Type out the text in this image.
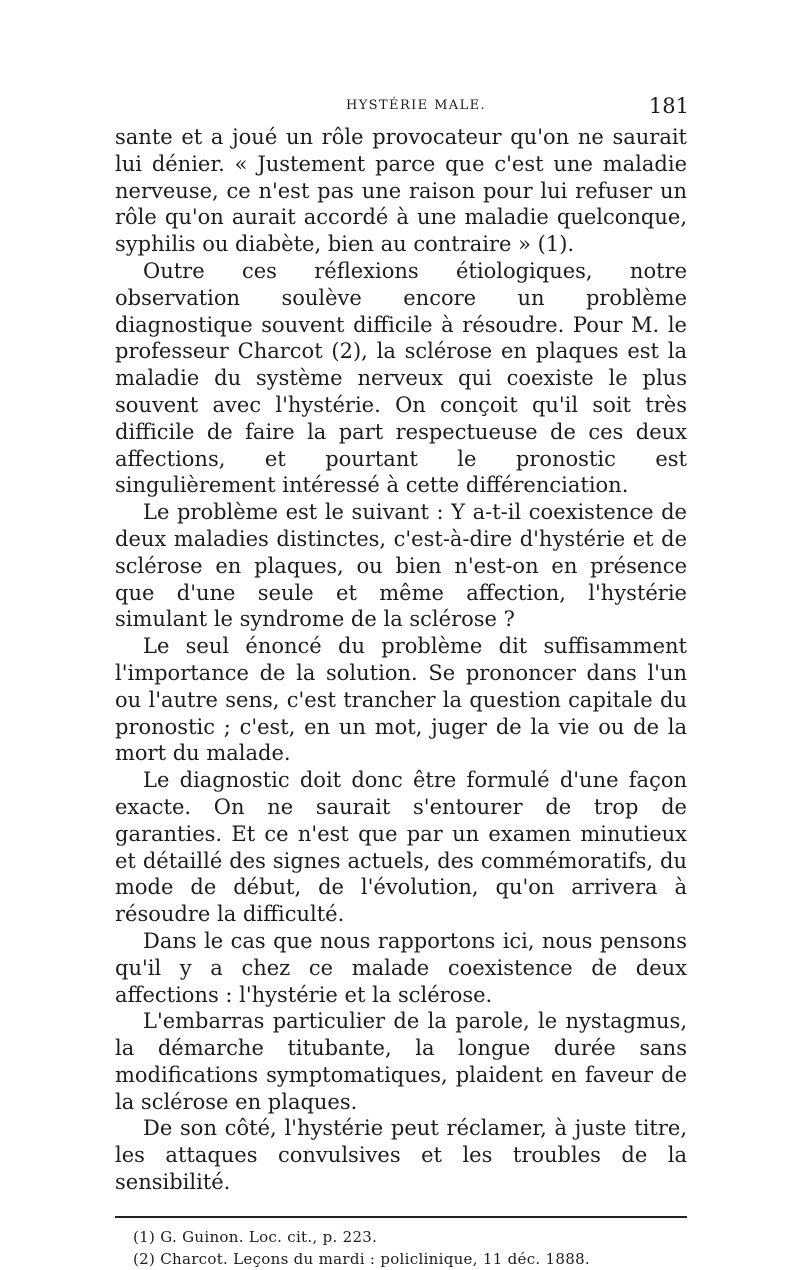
HYSTÉRIE MALE.	181

sante et a joué un rôle provocateur qu'on ne saurait lui dénier. « Justement parce que c'est une maladie nerveuse, ce n'est pas une raison pour lui refuser un rôle qu'on aurait accordé à une maladie quelconque, syphilis ou diabète, bien au contraire » (1).

Outre ces réflexions étiologiques, notre observation soulève encore un problème diagnostique souvent difficile à résoudre. Pour M. le professeur Charcot (2), la sclérose en plaques est la maladie du système nerveux qui coexiste le plus souvent avec l'hystérie. On conçoit qu'il soit très difficile de faire la part respectueuse de ces deux affections, et pourtant le pronostic est singulièrement intéressé à cette différenciation.

Le problème est le suivant : Y a-t-il coexistence de deux maladies distinctes, c'est-à-dire d'hystérie et de sclérose en plaques, ou bien n'est-on en présence que d'une seule et même affection, l'hystérie simulant le syndrome de la sclérose ?

Le seul énoncé du problème dit suffisamment l'importance de la solution. Se prononcer dans l'un ou l'autre sens, c'est trancher la question capitale du pronostic ; c'est, en un mot, juger de la vie ou de la mort du malade.

Le diagnostic doit donc être formulé d'une façon exacte. On ne saurait s'entourer de trop de garanties. Et ce n'est que par un examen minutieux et détaillé des signes actuels, des commémoratifs, du mode de début, de l'évolution, qu'on arrivera à résoudre la difficulté.

Dans le cas que nous rapportons ici, nous pensons qu'il y a chez ce malade coexistence de deux affections : l'hystérie et la sclérose.

L'embarras particulier de la parole, le nystagmus, la démarche titubante, la longue durée sans modifications symptomatiques, plaident en faveur de la sclérose en plaques.

De son côté, l'hystérie peut réclamer, à juste titre, les attaques convulsives et les troubles de la sensibilité.

(1) G. Guinon. Loc. cit., p. 223.

(2) Charcot. Leçons du mardi : policlinique, 11 déc. 1888.
